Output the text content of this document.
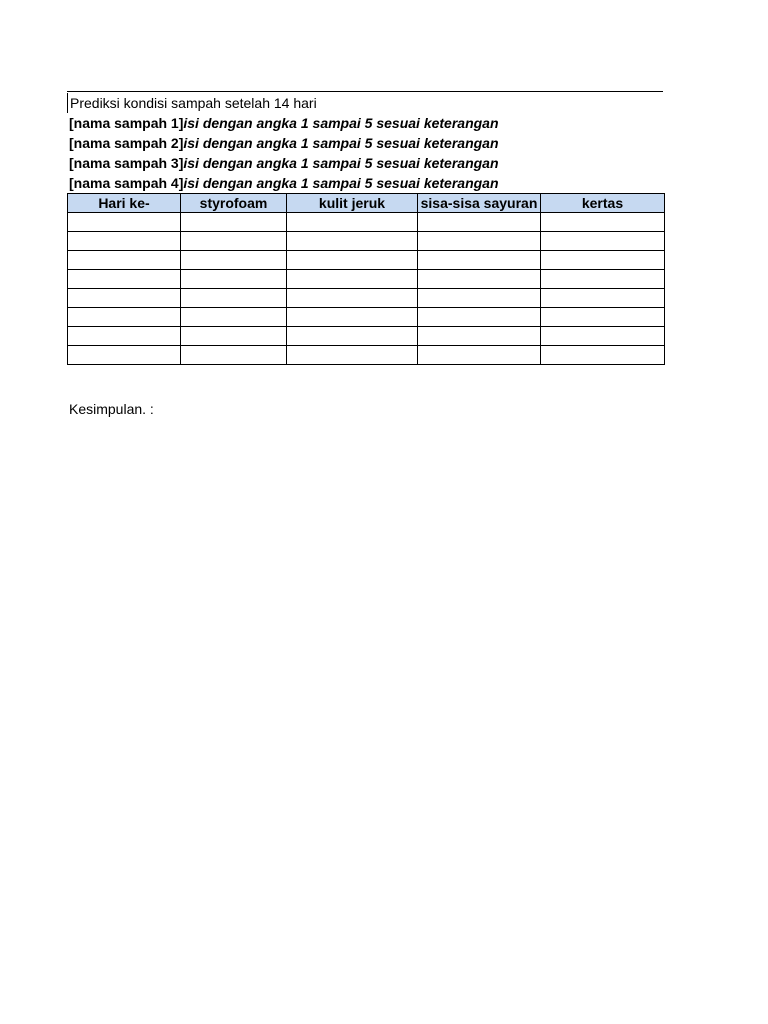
Prediksi kondisi sampah setelah 14 hari
[nama sampah 1]isi dengan angka 1 sampai 5 sesuai keterangan
[nama sampah 2]isi dengan angka 1 sampai 5 sesuai keterangan
[nama sampah 3]isi dengan angka 1 sampai 5 sesuai keterangan
[nama sampah 4]isi dengan angka 1 sampai 5 sesuai keterangan
Hari ke-	styrofoam	kulit jeruk	sisa-sisa sayuran	kertas

Kesimpulan. :
